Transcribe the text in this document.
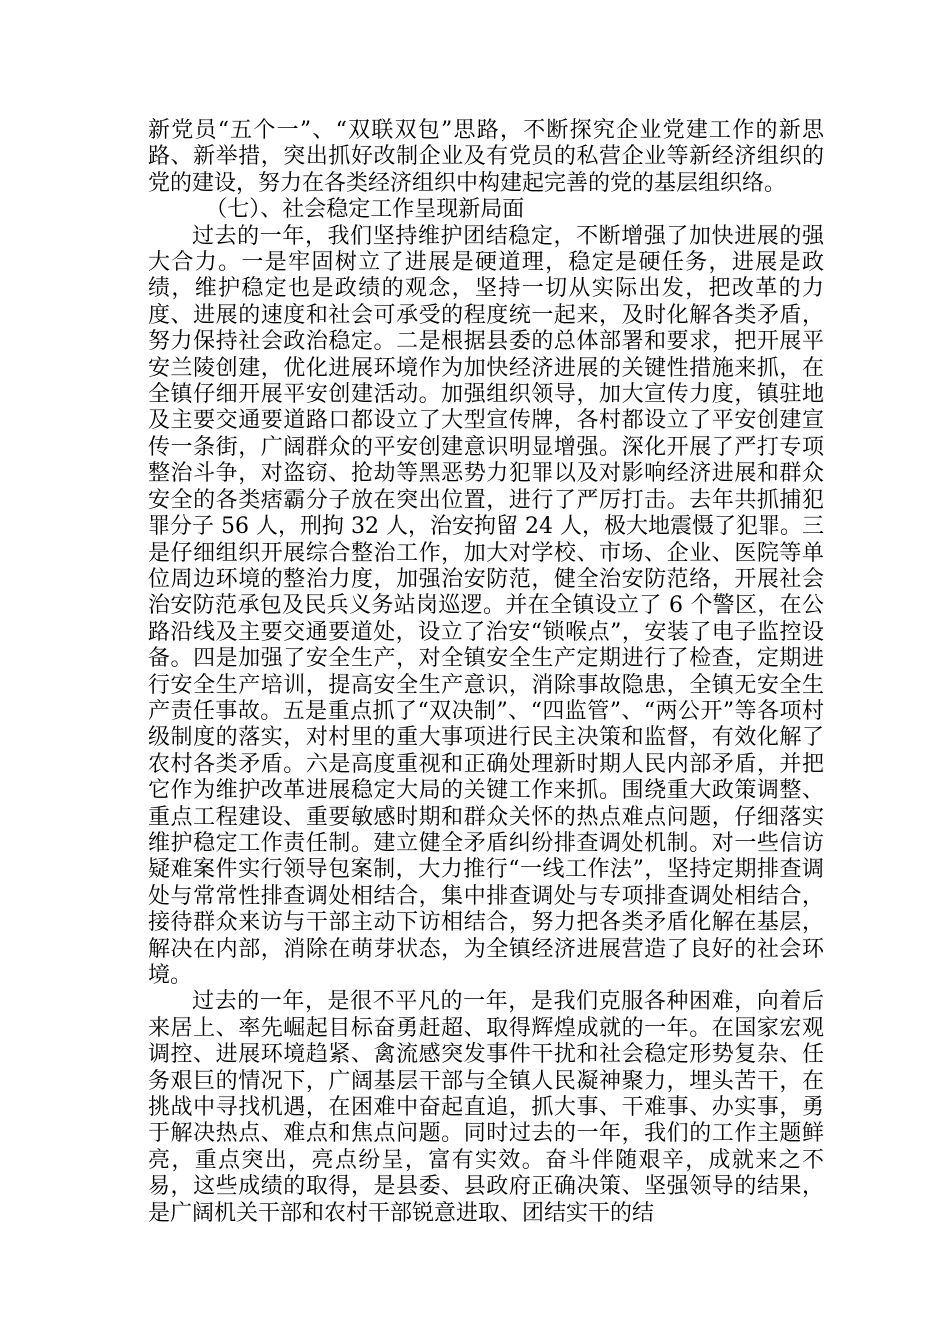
新党员“五个一”、“双联双包”思路，不断探究企业党建工作的新思路、新举措，突出抓好改制企业及有党员的私营企业等新经济组织的党的建设，努力在各类经济组织中构建起完善的党的基层组织络。

（七）、社会稳定工作呈现新局面

过去的一年，我们坚持维护团结稳定，不断增强了加快进展的强大合力。一是牢固树立了进展是硬道理，稳定是硬任务，进展是政绩，维护稳定也是政绩的观念，坚持一切从实际出发，把改革的力度、进展的速度和社会可承受的程度统一起来，及时化解各类矛盾，努力保持社会政治稳定。二是根据县委的总体部署和要求，把开展平安兰陵创建，优化进展环境作为加快经济进展的关键性措施来抓，在全镇仔细开展平安创建活动。加强组织领导，加大宣传力度，镇驻地及主要交通要道路口都设立了大型宣传牌，各村都设立了平安创建宣传一条街，广阔群众的平安创建意识明显增强。深化开展了严打专项整治斗争，对盗窃、抢劫等黑恶势力犯罪以及对影响经济进展和群众安全的各类痞霸分子放在突出位置，进行了严厉打击。去年共抓捕犯罪分子 56 人，刑拘 32 人，治安拘留 24 人，极大地震慑了犯罪。三是仔细组织开展综合整治工作，加大对学校、市场、企业、医院等单位周边环境的整治力度，加强治安防范，健全治安防范络，开展社会治安防范承包及民兵义务站岗巡逻。并在全镇设立了 6 个警区，在公路沿线及主要交通要道处，设立了治安“锁喉点”，安装了电子监控设备。四是加强了安全生产，对全镇安全生产定期进行了检查，定期进行安全生产培训，提高安全生产意识，消除事故隐患，全镇无安全生产责任事故。五是重点抓了“双决制”、“四监管”、“两公开”等各项村级制度的落实，对村里的重大事项进行民主决策和监督，有效化解了农村各类矛盾。六是高度重视和正确处理新时期人民内部矛盾，并把它作为维护改革进展稳定大局的关键工作来抓。围绕重大政策调整、重点工程建设、重要敏感时期和群众关怀的热点难点问题，仔细落实维护稳定工作责任制。建立健全矛盾纠纷排查调处机制。对一些信访疑难案件实行领导包案制，大力推行“一线工作法”，坚持定期排查调处与常常性排查调处相结合，集中排查调处与专项排查调处相结合，接待群众来访与干部主动下访相结合，努力把各类矛盾化解在基层，解决在内部，消除在萌芽状态，为全镇经济进展营造了良好的社会环境。

过去的一年，是很不平凡的一年，是我们克服各种困难，向着后来居上、率先崛起目标奋勇赶超、取得辉煌成就的一年。在国家宏观调控、进展环境趋紧、禽流感突发事件干扰和社会稳定形势复杂、任务艰巨的情况下，广阔基层干部与全镇人民凝神聚力，埋头苦干，在挑战中寻找机遇，在困难中奋起直追，抓大事、干难事、办实事，勇于解决热点、难点和焦点问题。同时过去的一年，我们的工作主题鲜亮，重点突出，亮点纷呈，富有实效。奋斗伴随艰辛，成就来之不易，这些成绩的取得，是县委、县政府正确决策、坚强领导的结果，是广阔机关干部和农村干部锐意进取、团结实干的结
